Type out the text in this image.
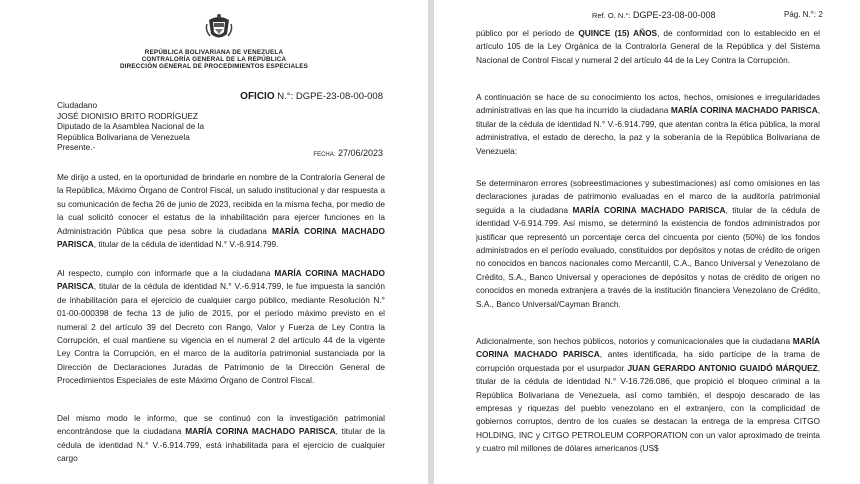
REPÚBLICA BOLIVARIANA DE VENEZUELA
CONTRALORÍA GENERAL DE LA REPÚBLICA
DIRECCIÓN GENERAL DE PROCEDIMIENTOS ESPECIALES
OFICIO N.°: DGPE-23-08-00-008
Ciudadano
JOSÉ DIONISIO BRITO RODRÍGUEZ
Diputado de la Asamblea Nacional de la
República Bolivariana de Venezuela
Presente.-
FECHA: 27/06/2023

Me dirijo a usted, en la oportunidad de brindarle en nombre de la Contraloría General de la República, Máximo Órgano de Control Fiscal, un saludo institucional y dar respuesta a su comunicación de fecha 26 de junio de 2023, recibida en la misma fecha, por medio de la cual solicitó conocer el estatus de la inhabilitación para ejercer funciones en la Administración Pública que pesa sobre la ciudadana MARÍA CORINA MACHADO PARISCA, titular de la cédula de identidad N.° V.-6.914.799.

Al respecto, cumplo con informarle que a la ciudadana MARÍA CORINA MACHADO PARISCA, titular de la cédula de identidad N.° V.-6.914.799, le fue impuesta la sanción de inhabilitación para el ejercicio de cualquier cargo público, mediante Resolución N.° 01-00-000398 de fecha 13 de julio de 2015, por el período máximo previsto en el numeral 2 del artículo 39 del Decreto con Rango, Valor y Fuerza de Ley Contra la Corrupción, el cual mantiene su vigencia en el numeral 2 del artículo 44 de la vigente Ley Contra la Corrupción, en el marco de la auditoría patrimonial sustanciada por la Dirección de Declaraciones Juradas de Patrimonio de la Dirección General de Procedimientos Especiales de este Máximo Órgano de Control Fiscal.

Del mismo modo le informo, que se continuó con la investigación patrimonial encontrándose que la ciudadana MARÍA CORINA MACHADO PARISCA, titular de la cédula de identidad N.° V.-6.914.799, está inhabilitada para el ejercicio de cualquier cargo

Ref. O. N.°: DGPE-23-08-00-008	Pág. N.°: 2

público por el período de QUINCE (15) AÑOS, de conformidad con lo establecido en el artículo 105 de la Ley Orgánica de la Contraloría General de la República y del Sistema Nacional de Control Fiscal y numeral 2 del artículo 44 de la Ley Contra la Corrupción.

A continuación se hace de su conocimiento los actos, hechos, omisiones e irregularidades administrativas en las que ha incurrido la ciudadana MARÍA CORINA MACHADO PARISCA, titular de la cédula de identidad N.° V.-6.914.799, que atentan contra la ética pública, la moral administrativa, el estado de derecho, la paz y la soberanía de la República Bolivariana de Venezuela:

Se determinaron errores (sobreestimaciones y subestimaciones) así como omisiones en las declaraciones juradas de patrimonio evaluadas en el marco de la auditoría patrimonial seguida a la ciudadana MARÍA CORINA MACHADO PARISCA, titular de la cédula de identidad V-6.914.799. Así mismo, se determinó la existencia de fondos administrados por justificar que representó un porcentaje cerca del cincuenta por ciento (50%) de los fondos administrados en el período evaluado, constituidos por depósitos y notas de crédito de origen no conocidos en bancos nacionales como Mercantil, C.A., Banco Universal y Venezolano de Crédito, S.A., Banco Universal y operaciones de depósitos y notas de crédito de origen no conocidos en moneda extranjera a través de la institución financiera Venezolano de Crédito, S.A., Banco Universal/Cayman Branch.

Adicionalmente, son hechos públicos, notorios y comunicacionales que la ciudadana MARÍA CORINA MACHADO PARISCA, antes identificada, ha sido partícipe de la trama de corrupción orquestada por el usurpador JUAN GERARDO ANTONIO GUAIDÓ MÁRQUEZ, titular de la cédula de identidad N.° V-16.726.086, que propició el bloqueo criminal a la República Bolivariana de Venezuela, así como también, el despojo descarado de las empresas y riquezas del pueblo venezolano en el extranjero, con la complicidad de gobiernos corruptos, dentro de los cuales se destacan la entrega de la empresa CITGO HOLDING, INC y CITGO PETROLEUM CORPORATION con un valor aproximado de treinta y cuatro mil millones de dólares americanos (US$
